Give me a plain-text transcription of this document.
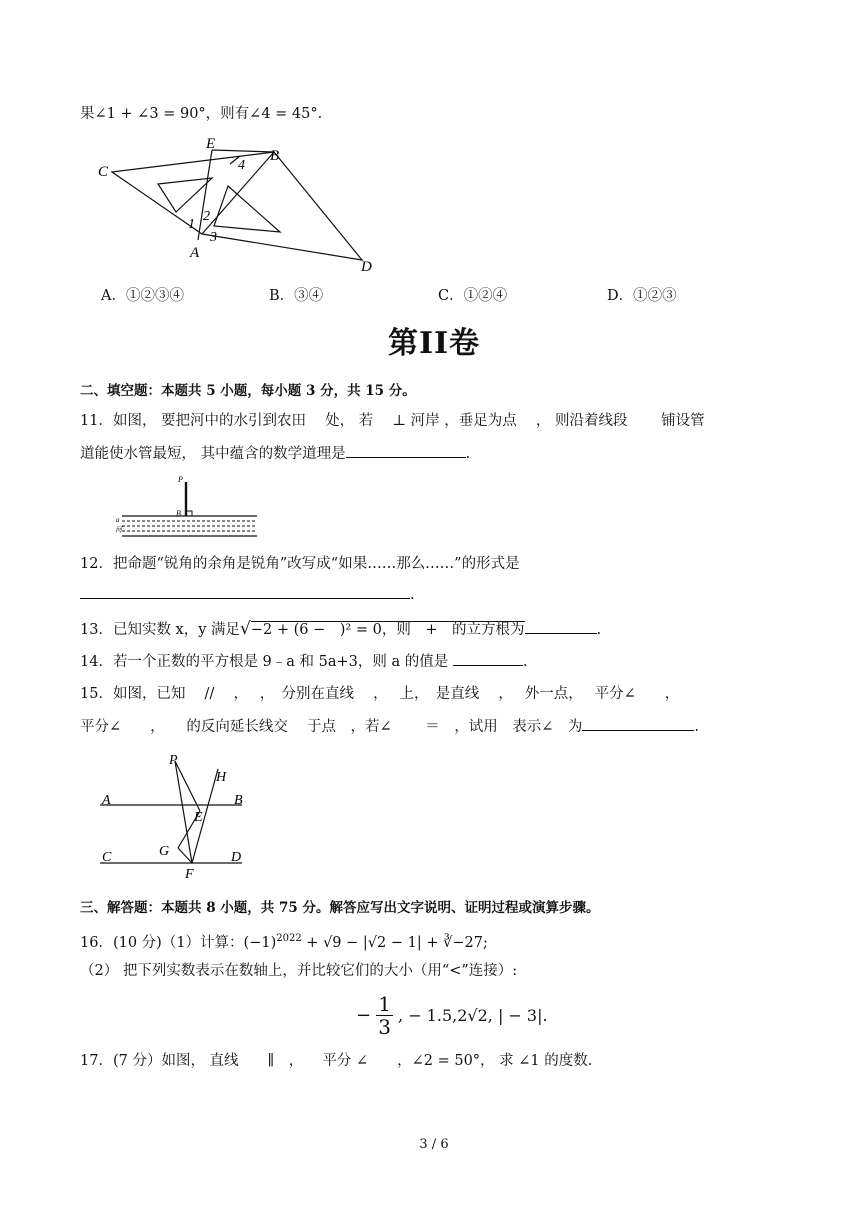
果∠1 + ∠3 = 90°，则有∠4 = 45°.
E
B
C
A
D
1
2
3
4
A．①②③④	B．③④	C．①②④	D．①②③
第II卷
二、填空题：本题共 5 小题，每小题 3 分，共 15 分。
11．如图， 要把河中的水引到农田　 处， 若　 ⊥ 河岸 ，垂足为点　 ， 则沿着线段　　 铺设管
道能使水管最短， 其中蕴含的数学道理是	.
P
B
a
河
12．把命题“锐角的余角是锐角”改写成“如果……那么……”的形式是
.
13．已知实数 x，y 满足√−2 + (6 −　)² = 0，则　+　的立方根为	.
14．若一个正数的平方根是 9﹣a 和 5a+3，则 a 的值是	.
15．如图，已知　 //　 ，　 ，　分别在直线　 ，　 上，　是直线　 ，　 外一点，　 平分∠　　，
平分∠　　，　　的反向延长线交　 于点　，若∠　　 ＝　，试用　表示∠　为	.
P
H
A	B
E
G
C	D
F
三、解答题：本题共 8 小题，共 75 分。解答应写出文字说明、证明过程或演算步骤。
16．(10 分)（1）计算：$(-1)^{2022} + √9 - |√2 - 1|$ + ∛−27;
（2） 把下列实数表示在数轴上，并比较它们的大小（用“<”连接）:
− $\frac{1}{3}$ , − 1.5,2√2, | − 3|.
17．(7 分）如图， 直线　　∥　， 　平分 ∠　　，∠2 = 50°， 求 ∠1 的度数.
3 / 6
